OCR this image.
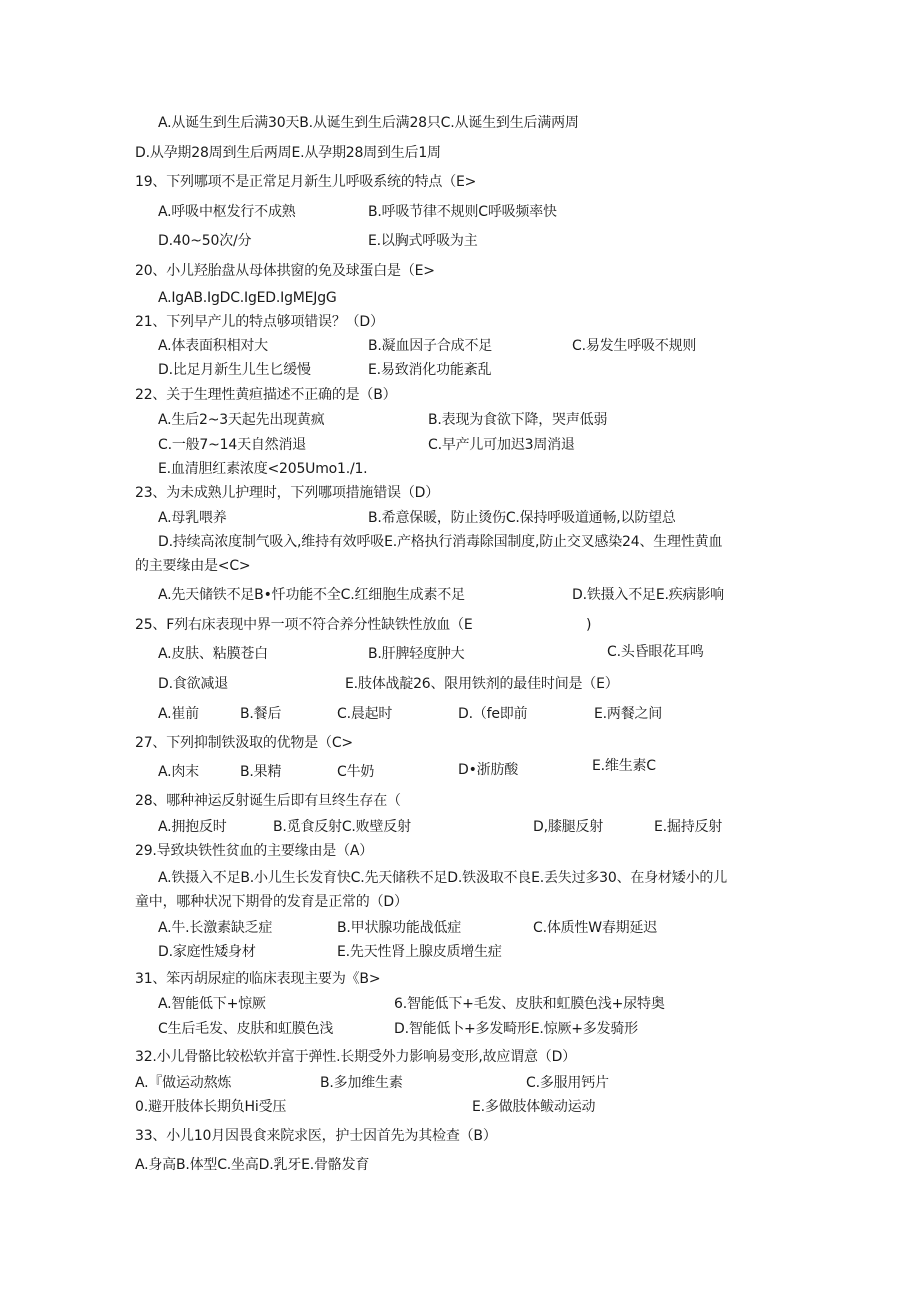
A.从诞生到生后满30天B.从诞生到生后满28只C.从诞生到生后满两周
D.从孕期28周到生后两周E.从孕期28周到生后1周
19、下列哪项不是正常足月新生儿呼吸系统的特点（E>
A.呼吸中枢发行不成熟	B.呼吸节律不规则C呼吸频率快
D.40~50次/分	E.以胸式呼吸为主
20、小儿羟胎盘从母体拱窗的免及球蛋白是（E>
A.IgAB.IgDC.IgED.IgMEJgG
21、下列早产儿的特点够项错误？（D）
A.体表面积相对大	B.凝血因子合成不足	C.易发生呼吸不规则
D.比足月新生儿生匕缓慢	E.易致消化功能紊乱
22、关于生理性黄疸描述不正确的是（B）
A.生后2~3天起先出现黄疯	B.表现为食欲下降，哭声低弱
C.一般7~14天自然消退	C.早产儿可加迟3周消退
E.血清胆红素浓度<205Umo1./1.
23、为未成熟儿护理时，下列哪项措施错误（D）
A.母乳喂养	B.希意保暖，防止烫伤C.保持呼吸道通畅,以防望总
D.持续高浓度制气吸入,维持有效呼吸E.产格执行消毒除国制度,防止交叉感染24、生理性黄血
的主要缘由是<C>
A.先天储铁不足B•忏功能不全C.红细胞生成素不足	D.铁摄入不足E.疾病影响
25、F列右床表现中界一项不符合养分性缺铁性放血（E	)
A.皮肤、粘膜苍白	B.肝脾轻度肿大	C.头昏眼花耳鸣
D.食欲减退	E.肢体战靛26、限用铁剂的最佳时间是（E）
A.崔前	B.餐后	C.晨起时	D.（fe即前	E.两餐之间
27、下列抑制铁汲取的优物是（C>
A.肉末	B.果精	C牛奶	D•浙肪酸	E.维生素C
28、哪种神运反射诞生后即有旦终生存在（
A.拥抱反时	B.觅食反射C.败壁反射	D,膝腿反射	E.掘持反射
29.导致块铁性贫血的主要缘由是（A）
A.铁摄入不足B.小儿生长发育快C.先天储秩不足D.铁汲取不良E.丢失过多30、在身材矮小的儿
童中，哪种状况下期骨的发育是正常的（D）
A.牛.长激素缺乏症	B.甲状腺功能战低症	C.体质性W春期延迟
D.家庭性矮身材	E.先天性肾上腺皮质增生症
31、笨丙胡尿症的临床表现主要为《B>
A.智能低下+惊厥	6.智能低下+毛发、皮肤和虹膜色浅+尿特奥
C生后毛发、皮肤和虹膜色浅	D.智能低卜+多发畸形E.惊厥+多发骑形
32.小儿骨骼比较松软并富于弹性.长期受外力影响易变形,故应谓意（D）
A.『做运动熬炼	B.多加维生素	C.多服用钙片
0.避开肢体长期负Hi受压	E.多做肢体鲅动运动
33、小儿10月因畏食来院求医，护士因首先为其检查（B）
A.身高B.体型C.坐高D.乳牙E.骨骼发育
